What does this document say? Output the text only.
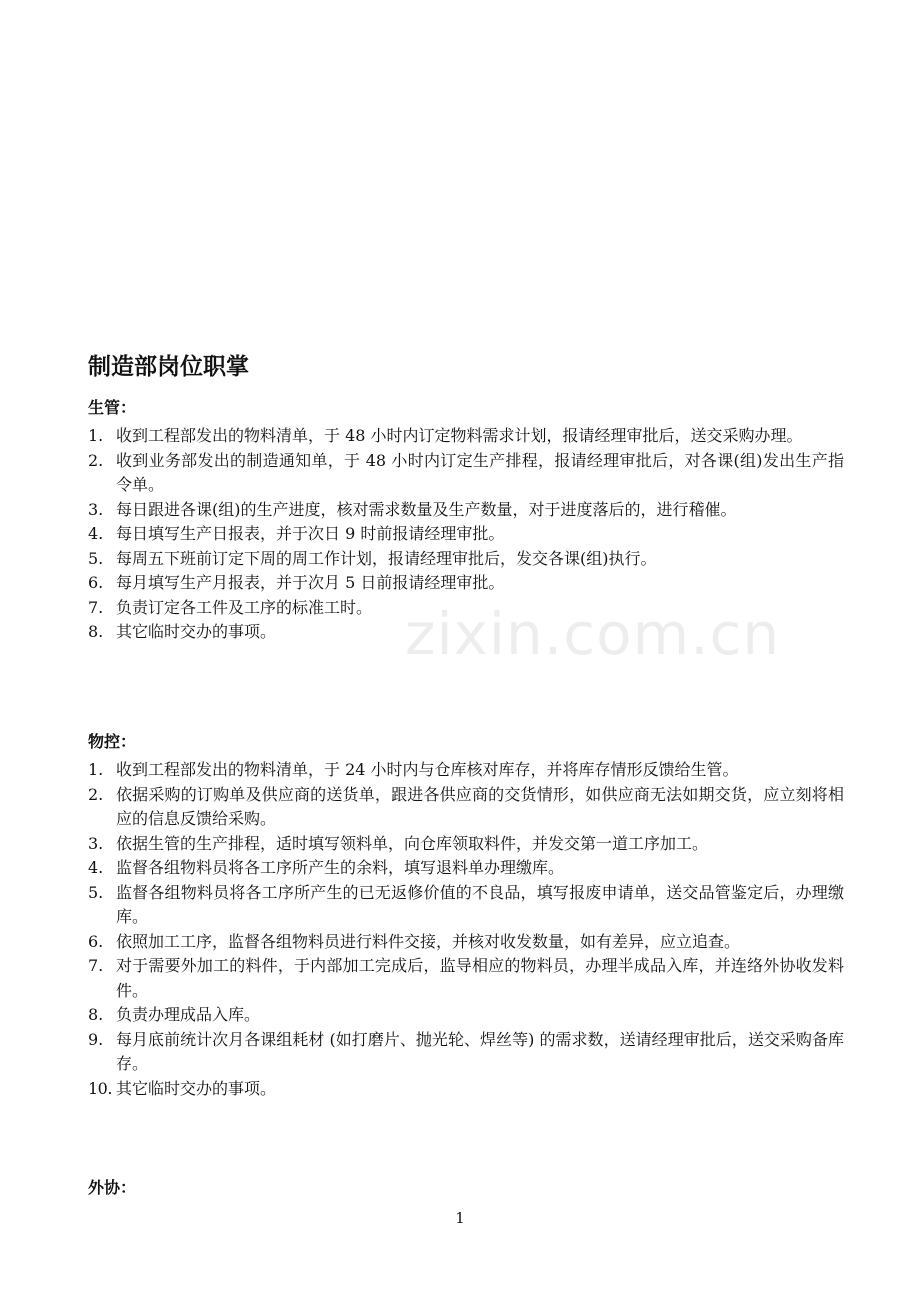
制造部岗位职掌
生管：
1. 收到工程部发出的物料清单，于 48 小时内订定物料需求计划，报请经理审批后，送交采购办理。
2. 收到业务部发出的制造通知单，于 48 小时内订定生产排程，报请经理审批后，对各课(组)发出生产指令单。
3. 每日跟进各课(组)的生产进度，核对需求数量及生产数量，对于进度落后的，进行稽催。
4. 每日填写生产日报表，并于次日 9 时前报请经理审批。
5. 每周五下班前订定下周的周工作计划，报请经理审批后，发交各课(组)执行。
6. 每月填写生产月报表，并于次月 5 日前报请经理审批。
7. 负责订定各工件及工序的标准工时。
8. 其它临时交办的事项。
物控：
1. 收到工程部发出的物料清单，于 24 小时内与仓库核对库存，并将库存情形反馈给生管。
2. 依据采购的订购单及供应商的送货单，跟进各供应商的交货情形，如供应商无法如期交货，应立刻将相应的信息反馈给采购。
3. 依据生管的生产排程，适时填写领料单，向仓库领取料件，并发交第一道工序加工。
4. 监督各组物料员将各工序所产生的余料，填写退料单办理缴库。
5. 监督各组物料员将各工序所产生的已无返修价值的不良品，填写报废申请单，送交品管鉴定后，办理缴库。
6. 依照加工工序，监督各组物料员进行料件交接，并核对收发数量，如有差异，应立追查。
7. 对于需要外加工的料件，于内部加工完成后，监导相应的物料员，办理半成品入库，并连络外协收发料件。
8. 负责办理成品入库。
9. 每月底前统计次月各课组耗材 (如打磨片、抛光轮、焊丝等) 的需求数，送请经理审批后，送交采购备库存。
10. 其它临时交办的事项。
外协：
1
zixin.com.cn
